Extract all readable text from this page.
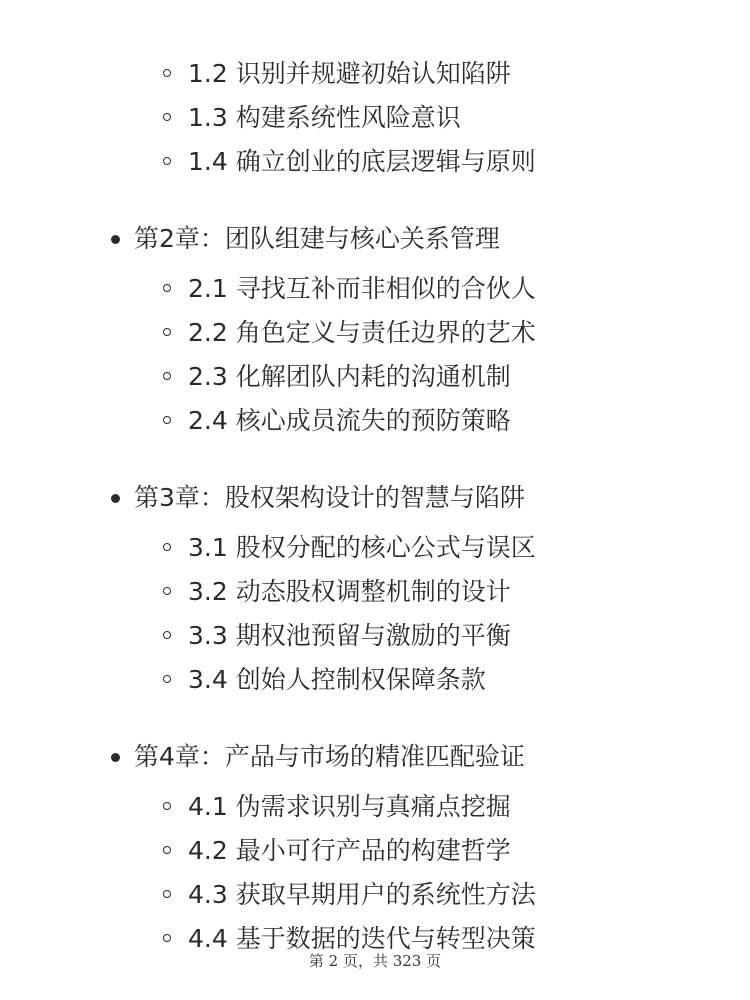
1.2 识别并规避初始认知陷阱
1.3 构建系统性风险意识
1.4 确立创业的底层逻辑与原则
第2章：团队组建与核心关系管理
2.1 寻找互补而非相似的合伙人
2.2 角色定义与责任边界的艺术
2.3 化解团队内耗的沟通机制
2.4 核心成员流失的预防策略
第3章：股权架构设计的智慧与陷阱
3.1 股权分配的核心公式与误区
3.2 动态股权调整机制的设计
3.3 期权池预留与激励的平衡
3.4 创始人控制权保障条款
第4章：产品与市场的精准匹配验证
4.1 伪需求识别与真痛点挖掘
4.2 最小可行产品的构建哲学
4.3 获取早期用户的系统性方法
4.4 基于数据的迭代与转型决策
第 2 页，共 323 页
